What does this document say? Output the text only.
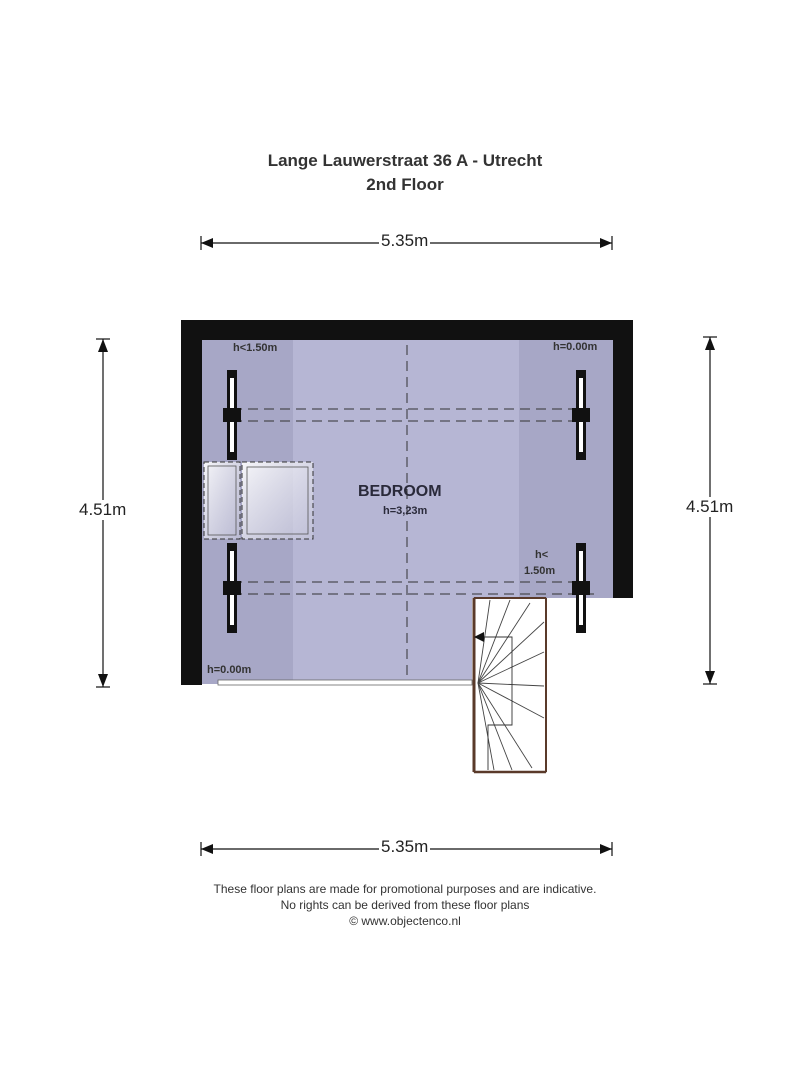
Lange Lauwerstraat 36 A - Utrecht
2nd Floor
5.35m
5.35m
4.51m	4.51m
h<1.50m	h=0.00m
h=0.00m
h<
1.50m
BEDROOM
h=3,23m
These floor plans are made for promotional purposes and are indicative.
No rights can be derived from these floor plans
© www.objectenco.nl
